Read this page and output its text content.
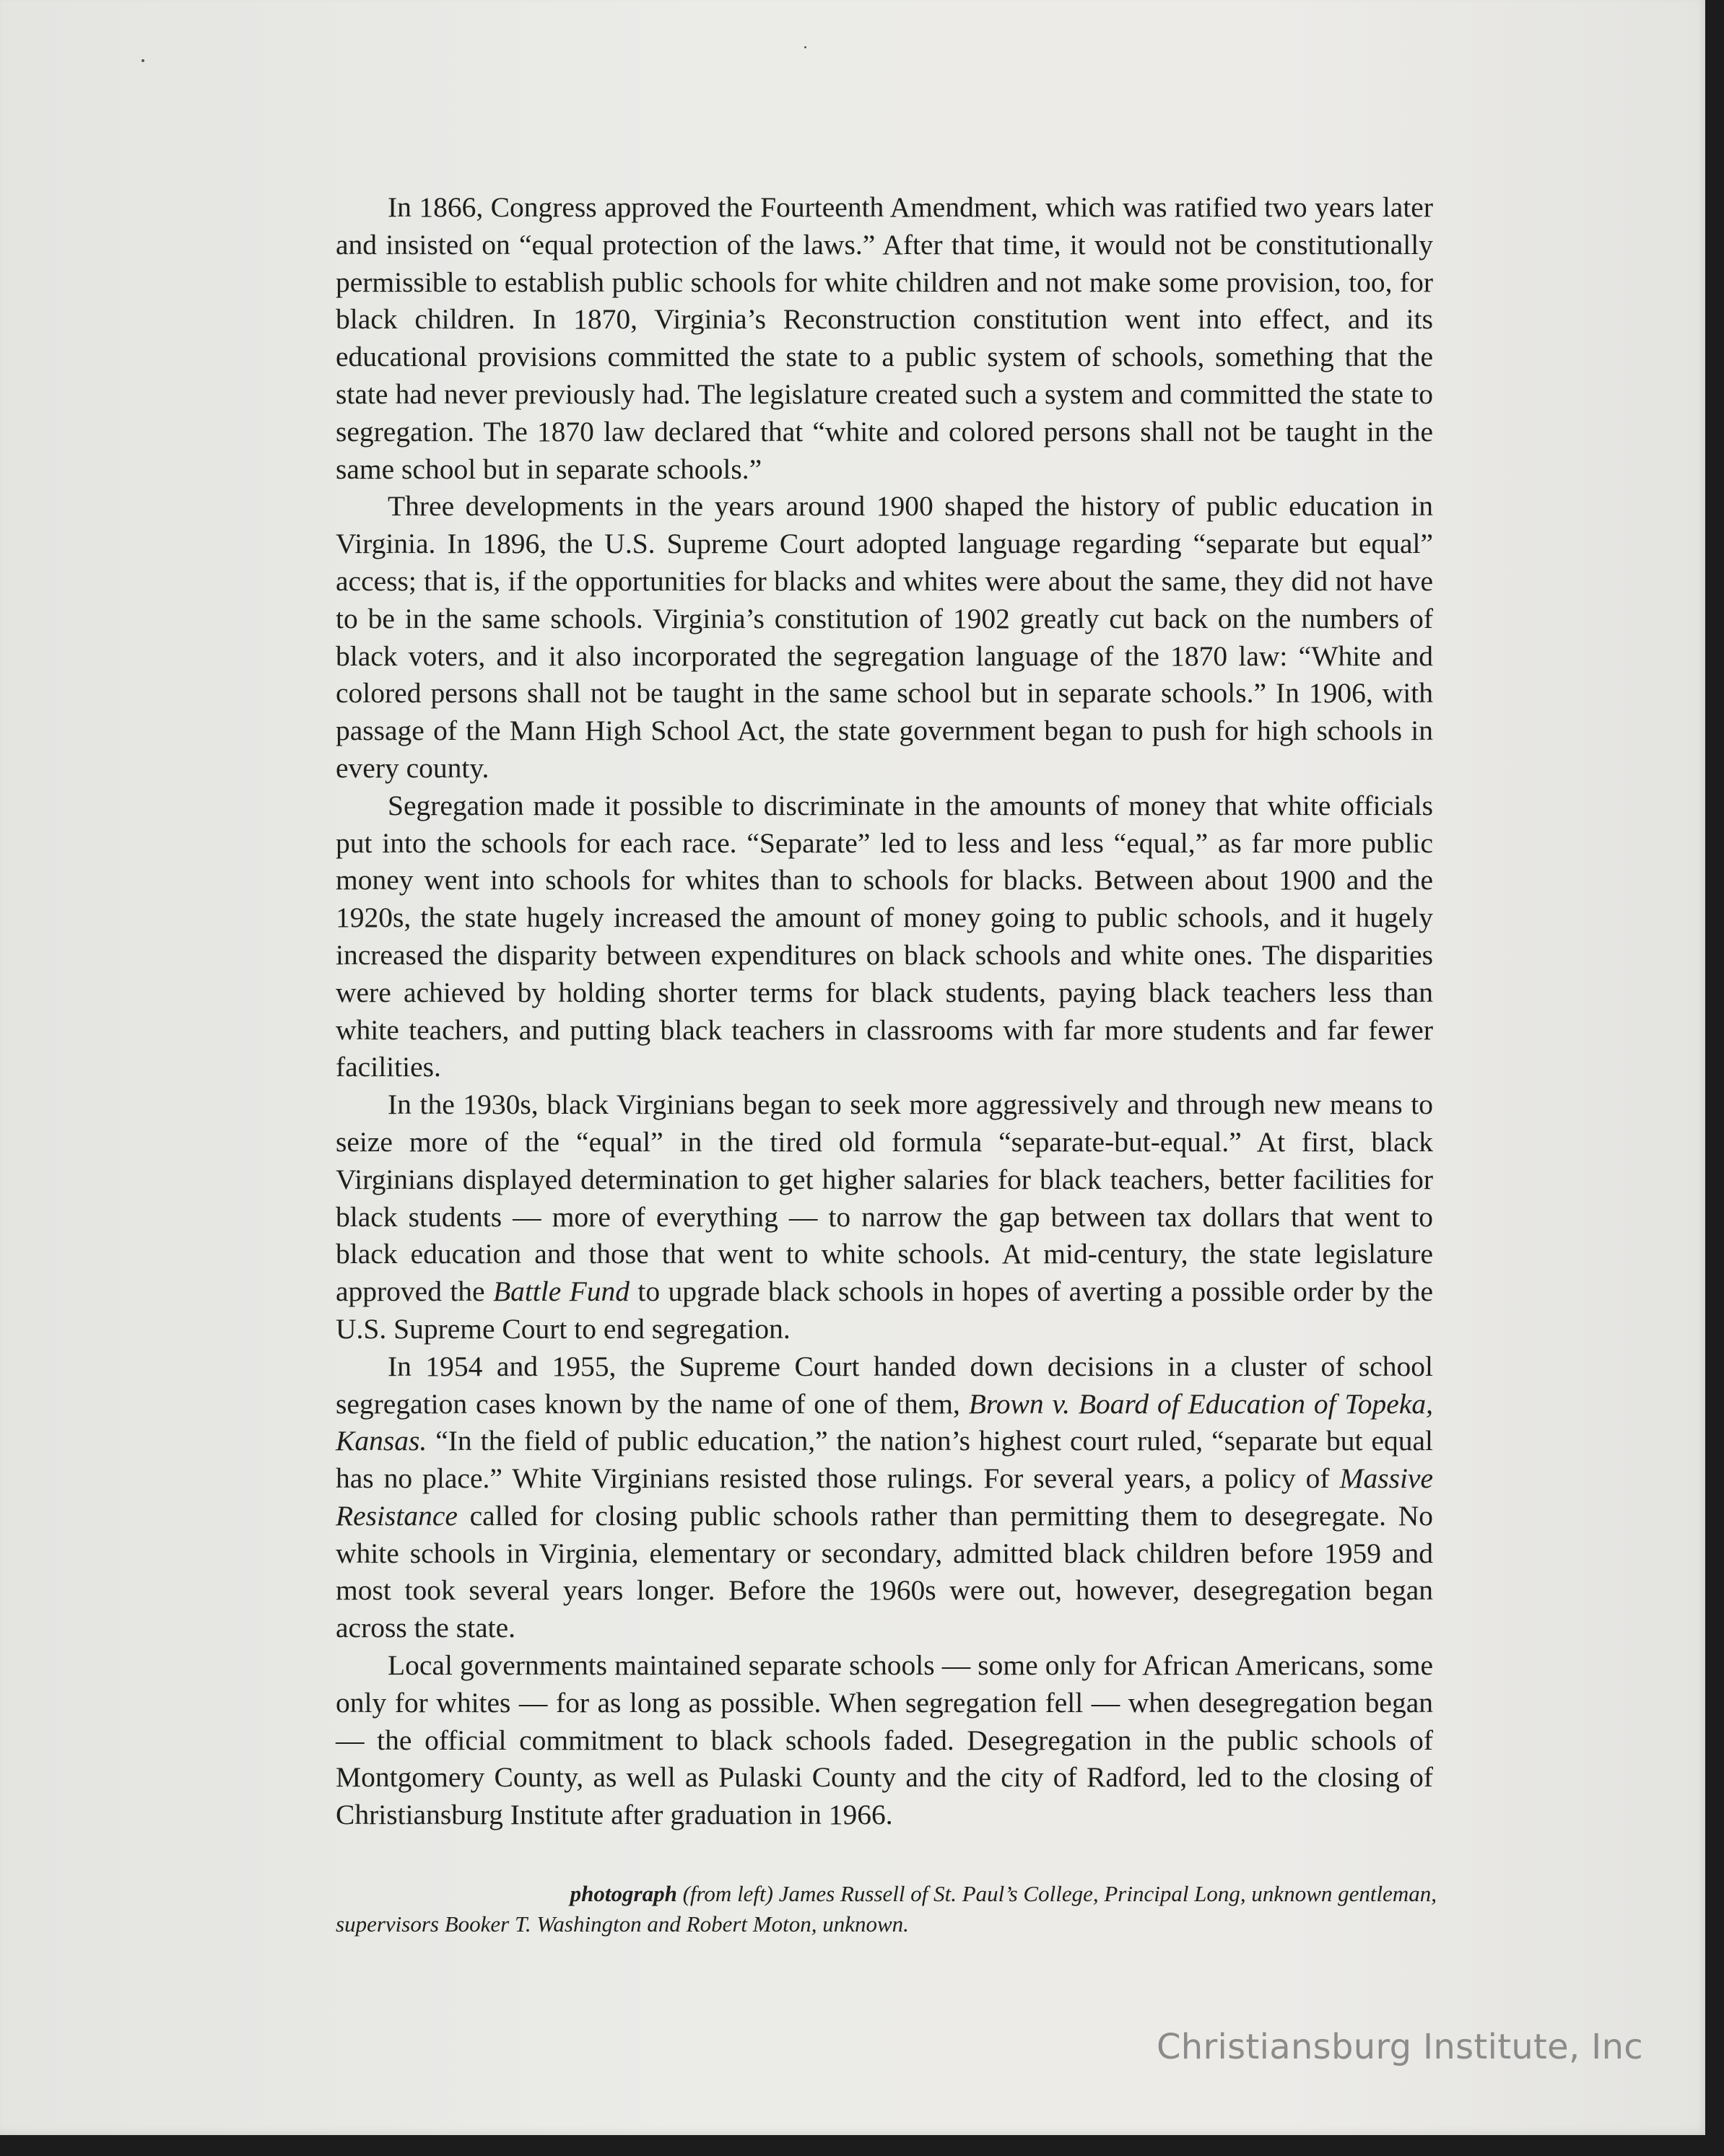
In 1866, Congress approved the Fourteenth Amendment, which was ratified two years later and insisted on “equal protection of the laws.” After that time, it would not be constitutionally permissible to establish public schools for white children and not make some provision, too, for black children. In 1870, Virginia’s Reconstruction constitution went into effect, and its educational provisions committed the state to a public system of schools, something that the state had never previously had. The legislature created such a system and committed the state to segregation. The 1870 law declared that “white and colored persons shall not be taught in the same school but in separate schools.”

Three developments in the years around 1900 shaped the history of public education in Virginia. In 1896, the U.S. Supreme Court adopted language regarding “separate but equal” access; that is, if the opportunities for blacks and whites were about the same, they did not have to be in the same schools. Virginia’s constitution of 1902 greatly cut back on the numbers of black voters, and it also incorporated the segregation language of the 1870 law: “White and colored persons shall not be taught in the same school but in separate schools.” In 1906, with passage of the Mann High School Act, the state government began to push for high schools in every county.

Segregation made it possible to discriminate in the amounts of money that white officials put into the schools for each race. “Separate” led to less and less “equal,” as far more public money went into schools for whites than to schools for blacks. Between about 1900 and the 1920s, the state hugely increased the amount of money going to public schools, and it hugely increased the disparity between expenditures on black schools and white ones. The disparities were achieved by holding shorter terms for black students, paying black teachers less than white teachers, and putting black teachers in classrooms with far more students and far fewer facilities.

In the 1930s, black Virginians began to seek more aggressively and through new means to seize more of the “equal” in the tired old formula “separate-but-equal.” At first, black Virginians displayed determination to get higher salaries for black teachers, better facilities for black students — more of everything — to narrow the gap between tax dollars that went to black education and those that went to white schools. At mid-century, the state legislature approved the Battle Fund to upgrade black schools in hopes of averting a possible order by the U.S. Supreme Court to end segregation.

In 1954 and 1955, the Supreme Court handed down decisions in a cluster of school segregation cases known by the name of one of them, Brown v. Board of Education of Topeka, Kansas. “In the field of public education,” the nation’s highest court ruled, “separate but equal has no place.” White Virginians resisted those rulings. For several years, a policy of Massive Resistance called for closing public schools rather than permitting them to desegregate. No white schools in Virginia, elementary or secondary, admitted black children before 1959 and most took several years longer. Before the 1960s were out, however, desegregation began across the state.

Local governments maintained separate schools — some only for African Americans, some only for whites — for as long as possible. When segregation fell — when desegregation began — the official commitment to black schools faded. Desegregation in the public schools of Montgomery County, as well as Pulaski County and the city of Radford, led to the closing of Christiansburg Institute after graduation in 1966.

photograph (from left) James Russell of St. Paul’s College, Principal Long, unknown gentleman,
supervisors Booker T. Washington and Robert Moton, unknown.
Christiansburg Institute, Inc
